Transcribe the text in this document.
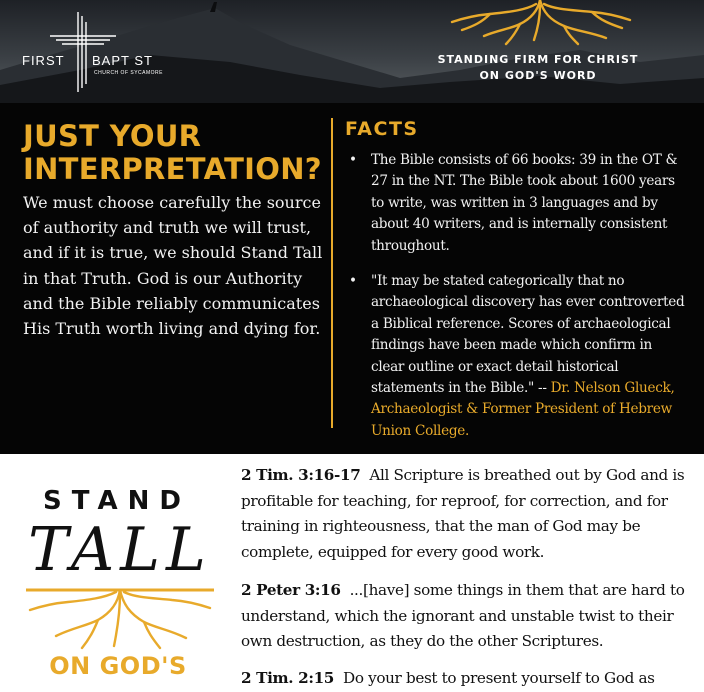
FIRST BAPT ST
CHURCH OF SYCAMORE
STANDING FIRM FOR CHRIST
ON GOD'S WORD
JUST YOUR
INTERPRETATION?
We must choose carefully the source of authority and truth we will trust, and if it is true, we should Stand Tall in that Truth. God is our Authority and the Bible reliably communicates His Truth worth living and dying for.
FACTS
• The Bible consists of 66 books: 39 in the OT & 27 in the NT. The Bible took about 1600 years to write, was written in 3 languages and by about 40 writers, and is internally consistent throughout.
• "It may be stated categorically that no archaeological discovery has ever controverted a Biblical reference. Scores of archaeological findings have been made which confirm in clear outline or exact detail historical statements in the Bible." -- Dr. Nelson Glueck, Archaeologist & Former President of Hebrew Union College.
STAND
TALL
ON GOD'S
2 Tim. 3:16-17 All Scripture is breathed out by God and is profitable for teaching, for reproof, for correction, and for training in righteousness, that the man of God may be complete, equipped for every good work.
2 Peter 3:16 ...[have] some things in them that are hard to understand, which the ignorant and unstable twist to their own destruction, as they do the other Scriptures.
2 Tim. 2:15 Do your best to present yourself to God as
